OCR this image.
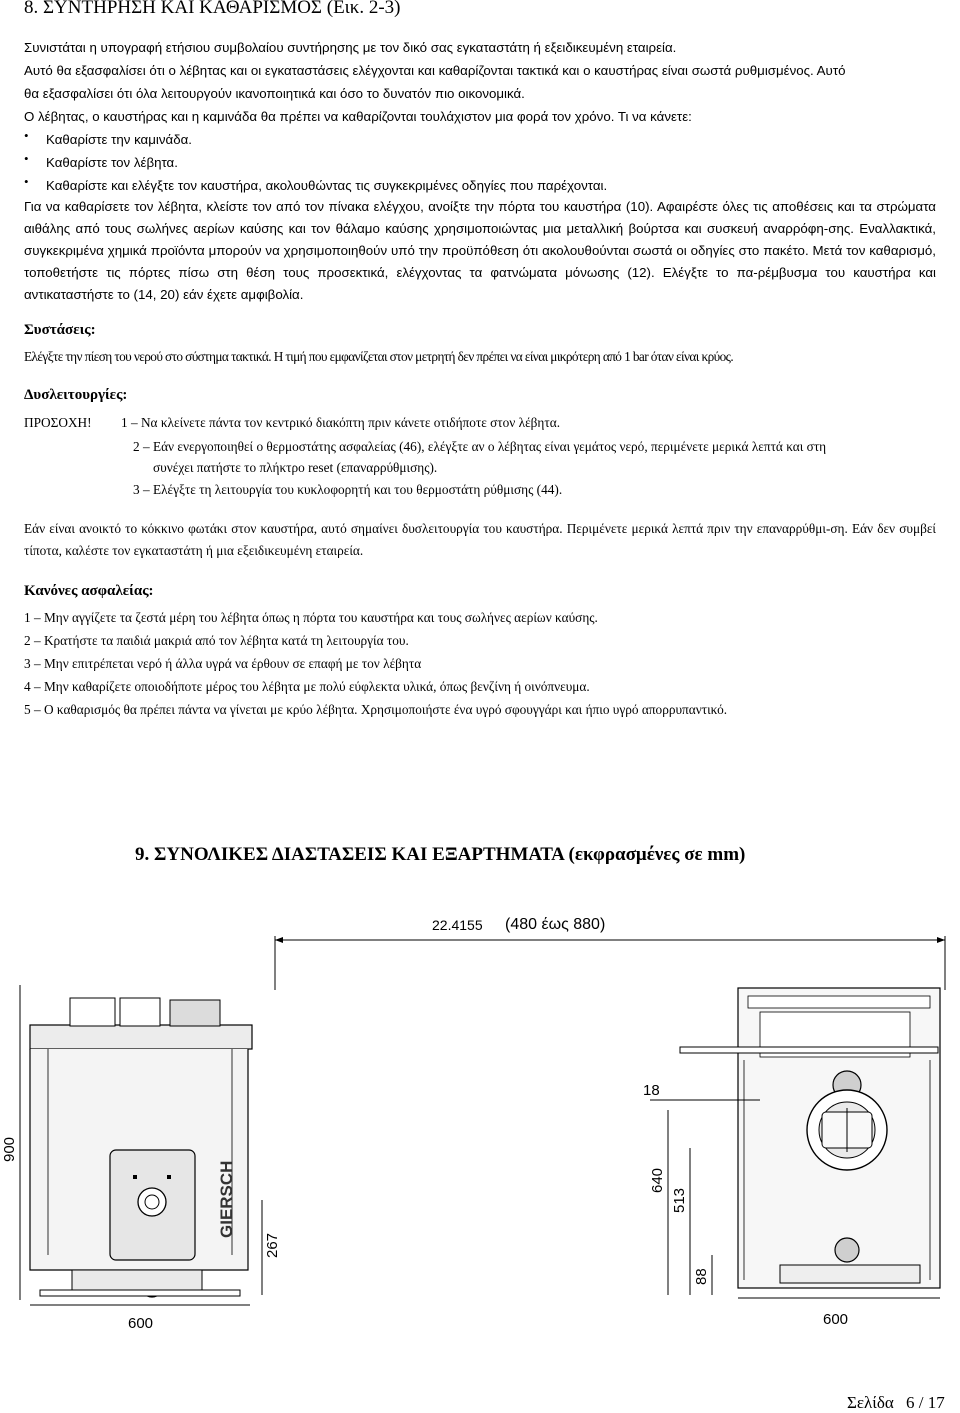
8. ΣΥΝΤΗΡΗΣΗ ΚΑΙ ΚΑΘΑΡΙΣΜΟΣ (Εικ. 2-3)
Συνιστάται η υπογραφή ετήσιου συμβολαίου συντήρησης με τον δικό σας εγκαταστάτη ή εξειδικευμένη εταιρεία.
Αυτό θα εξασφαλίσει ότι ο λέβητας και οι εγκαταστάσεις ελέγχονται και καθαρίζονται τακτικά και ο καυστήρας είναι σωστά ρυθμισμένος. Αυτό
θα εξασφαλίσει ότι όλα λειτουργούν ικανοποιητικά και όσο το δυνατόν πιο οικονομικά.
Ο λέβητας, ο καυστήρας και η καμινάδα θα πρέπει να καθαρίζονται τουλάχιστον μια φορά τον χρόνο. Τι να κάνετε:
• Καθαρίστε την καμινάδα.
• Καθαρίστε τον λέβητα.
• Καθαρίστε και ελέγξτε τον καυστήρα, ακολουθώντας τις συγκεκριμένες οδηγίες που παρέχονται.
Για να καθαρίσετε τον λέβητα, κλείστε τον από τον πίνακα ελέγχου, ανοίξτε την πόρτα του καυστήρα (10). Αφαιρέστε όλες τις αποθέσεις και τα στρώματα αιθάλης από τους σωλήνες αερίων καύσης και τον θάλαμο καύσης χρησιμοποιώντας μια μεταλλική βούρτσα και συσκευή αναρρόφη-σης. Εναλλακτικά, συγκεκριμένα χημικά προϊόντα μπορούν να χρησιμοποιηθούν υπό την προϋπόθεση ότι ακολουθούνται σωστά οι οδηγίες στο πακέτο. Μετά τον καθαρισμό, τοποθετήστε τις πόρτες πίσω στη θέση τους προσεκτικά, ελέγχοντας τα φατνώματα μόνωσης (12). Ελέγξτε το πα-ρέμβυσμα του καυστήρα και αντικαταστήστε το (14, 20) εάν έχετε αμφιβολία.
Συστάσεις:
Ελέγξτε την πίεση του νερού στο σύστημα τακτικά. Η τιμή που εμφανίζεται στον μετρητή δεν πρέπει να είναι μικρότερη από 1 bar όταν είναι κρύος.
Δυσλειτουργίες:
ΠΡΟΣΟΧΗ! 1 – Να κλείνετε πάντα τον κεντρικό διακόπτη πριν κάνετε οτιδήποτε στον λέβητα.
2 – Εάν ενεργοποιηθεί ο θερμοστάτης ασφαλείας (46), ελέγξτε αν ο λέβητας είναι γεμάτος νερό, περιμένετε μερικά λεπτά και στη
συνέχει πατήστε το πλήκτρο reset (επαναρρύθμισης).
3 – Ελέγξτε τη λειτουργία του κυκλοφορητή και του θερμοστάτη ρύθμισης (44).
Εάν είναι ανοικτό το κόκκινο φωτάκι στον καυστήρα, αυτό σημαίνει δυσλειτουργία του καυστήρα. Περιμένετε μερικά λεπτά πριν την επαναρρύθμι-ση. Εάν δεν συμβεί τίποτα, καλέστε τον εγκαταστάτη ή μια εξειδικευμένη εταιρεία.
Κανόνες ασφαλείας:
1 – Μην αγγίζετε τα ζεστά μέρη του λέβητα όπως η πόρτα του καυστήρα και τους σωλήνες αερίων καύσης.
2 – Κρατήστε τα παιδιά μακριά από τον λέβητα κατά τη λειτουργία του.
3 – Μην επιτρέπεται νερό ή άλλα υγρά να έρθουν σε επαφή με τον λέβητα
4 – Μην καθαρίζετε οποιοδήποτε μέρος του λέβητα με πολύ εύφλεκτα υλικά, όπως βενζίνη ή οινόπνευμα.
5 – Ο καθαρισμός θα πρέπει πάντα να γίνεται με κρύο λέβητα. Χρησιμοποιήστε ένα υγρό σφουγγάρι και ήπιο υγρό απορρυπαντικό.
9. ΣΥΝΟΛΙΚΕΣ ΔΙΑΣΤΑΣΕΙΣ ΚΑΙ ΕΞΑΡΤΗΜΑΤΑ (εκφρασμένες σε mm)
22.4155 (480 έως 880)
GIERSCH
900
600
267
18
640
513
88
600
Σελίδα 6 / 17
